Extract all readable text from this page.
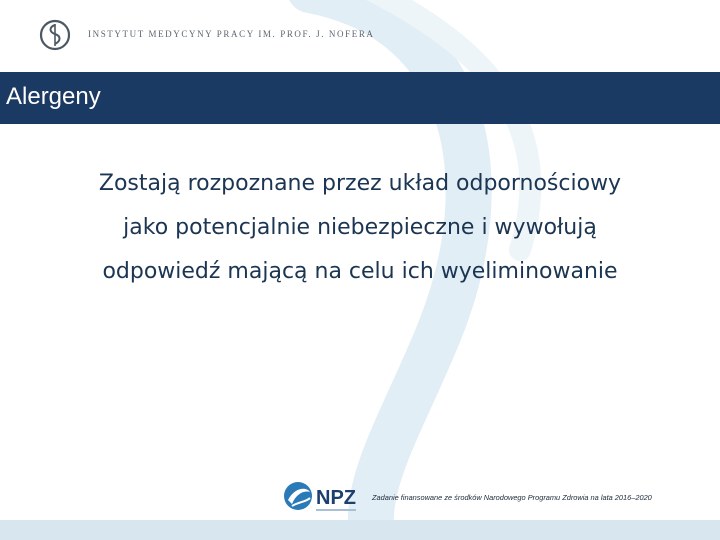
INSTYTUT MEDYCYNY PRACY IM. PROF. J. NOFERA
Alergeny
Zostają rozpoznane przez układ odpornościowy
jako potencjalnie niebezpieczne i wywołują
odpowiedź mającą na celu ich wyeliminowanie
NPZ Zadanie finansowane ze środków Narodowego Programu Zdrowia na lata 2016–2020
